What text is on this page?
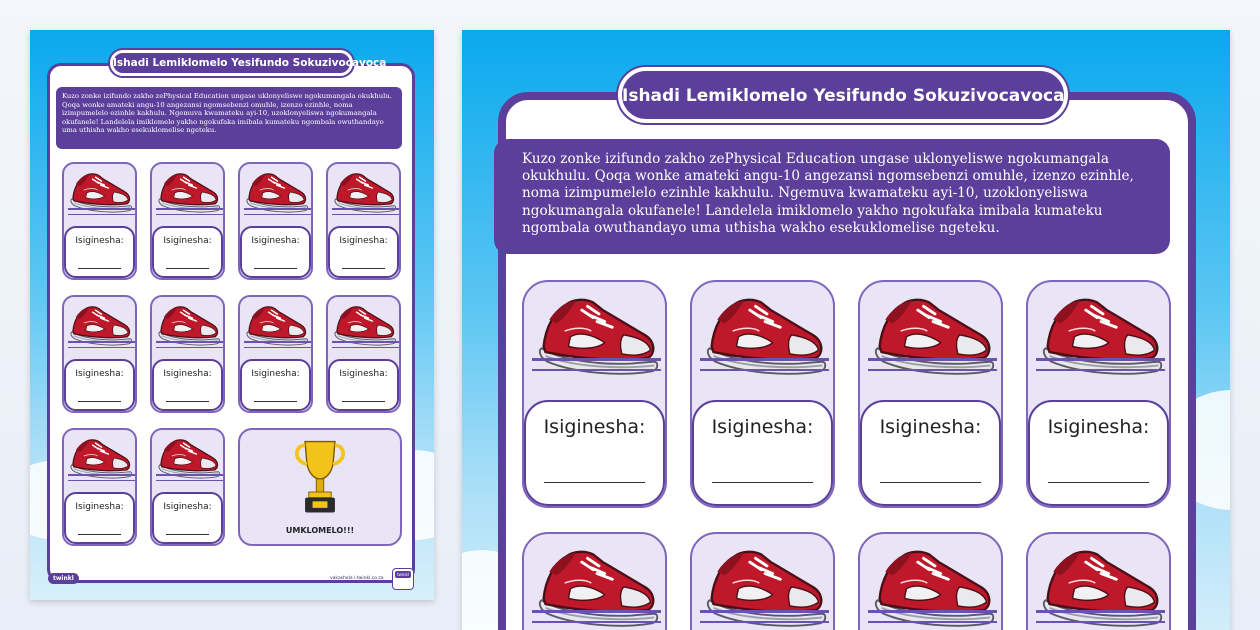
Ishadi Lemiklomelo Yesifundo Sokuzivocavoca
Kuzo zonke izifundo zakho zePhysical Education ungase uklonyeliswe ngokumangala okukhulu. Qoqa wonke amateki angu-10 angezansi ngomsebenzi omuhle, izenzo ezinhle, noma izimpumelelo ezinhle kakhulu. Ngemuva kwamateku ayi-10, uzoklonyeliswa ngokumangala okufanele! Landelela imiklomelo yakho ngokufaka imibala kumateku ngombala owuthandayo uma uthisha wakho esekuklomelise ngeteku.
Isiginesha:	Isiginesha:	Isiginesha:	Isiginesha:
Isiginesha:	Isiginesha:	Isiginesha:	Isiginesha:
Isiginesha:	Isiginesha:
UMKLOMELO!!!
twinkl	vakashela i-twinkl.co.za
twinkl
Ishadi Lemiklomelo Yesifundo Sokuzivocavoca
Kuzo zonke izifundo zakho zePhysical Education ungase uklonyeliswe ngokumangala okukhulu. Qoqa wonke amateki angu-10 angezansi ngomsebenzi omuhle, izenzo ezinhle, noma izimpumelelo ezinhle kakhulu. Ngemuva kwamateku ayi-10, uzoklonyeliswa ngokumangala okufanele! Landelela imiklomelo yakho ngokufaka imibala kumateku ngombala owuthandayo uma uthisha wakho esekuklomelise ngeteku.
Isiginesha:	Isiginesha:	Isiginesha:	Isiginesha:
